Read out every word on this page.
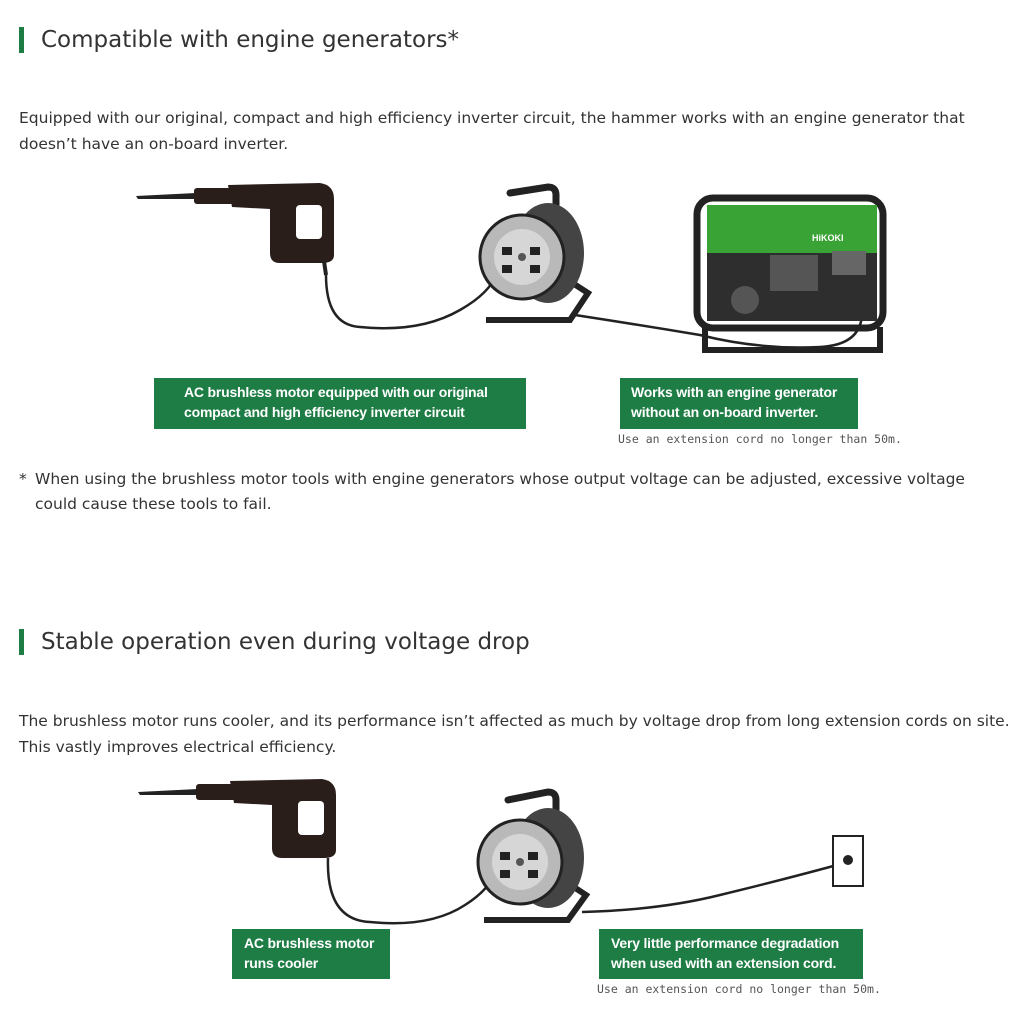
Compatible with engine generators*

Equipped with our original, compact and high efficiency inverter circuit, the hammer works with an engine generator that doesn’t have an on-board inverter.

HiKOKI
AC brushless motor equipped with our original
compact and high efficiency inverter circuit
Works with an engine generator
without an on-board inverter.
Use an extension cord no longer than 50m.

* When using the brushless motor tools with engine generators whose output voltage can be adjusted, excessive voltage could cause these tools to fail.

Stable operation even during voltage drop

The brushless motor runs cooler, and its performance isn’t affected as much by voltage drop from long extension cords on site. This vastly improves electrical efficiency.

AC brushless motor
runs cooler
Very little performance degradation
when used with an extension cord.
Use an extension cord no longer than 50m.
